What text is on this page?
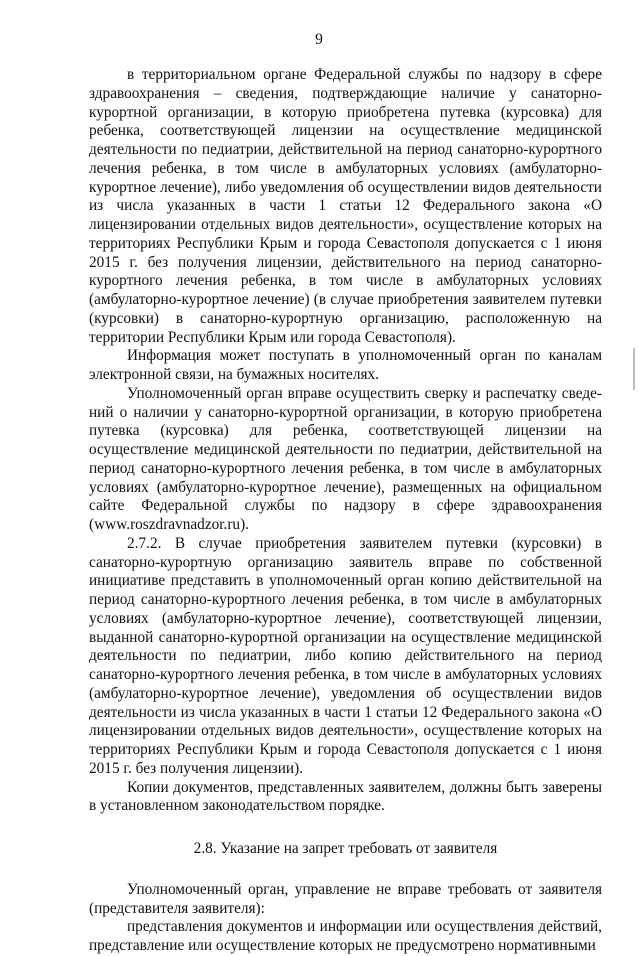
9

в территориальном органе Федеральной службы по надзору в сфере здравоохранения – сведения, подтверждающие наличие у санаторно-курортной организации, в которую приобретена путевка (курсовка) для ребенка, соответствующей лицензии на осуществление медицинской деятельности по педиатрии, действительной на период санаторно-курортного лечения ребенка, в том числе в амбулаторных условиях (амбулаторно-курортное лечение), либо уведомления об осуществлении видов деятельности из числа указанных в части 1 статьи 12 Федерального закона «О лицензировании отдельных видов деятельности», осуществление которых на территориях Республики Крым и города Севастополя допускается с 1 июня 2015 г. без получения лицензии, действительного на период санаторно-курортного лечения ребенка, в том числе в амбулаторных условиях (амбулаторно-курортное лечение) (в случае приобретения заявителем путевки (курсовки) в санаторно-курортную организацию, расположенную на территории Республики Крым или города Севастополя).

Информация может поступать в уполномоченный орган по каналам электронной связи, на бумажных носителях.

Уполномоченный орган вправе осуществить сверку и распечатку сведений о наличии у санаторно-курортной организации, в которую приобретена путевка (курсовка) для ребенка, соответствующей лицензии на осуществление медицинской деятельности по педиатрии, действительной на период санаторно-курортного лечения ребенка, в том числе в амбулаторных условиях (амбулаторно-курортное лечение), размещенных на официальном сайте Федеральной службы по надзору в сфере здравоохранения (www.roszdravnadzor.ru).

2.7.2. В случае приобретения заявителем путевки (курсовки) в санаторно-курортную организацию заявитель вправе по собственной инициативе представить в уполномоченный орган копию действительной на период санаторно-курортного лечения ребенка, в том числе в амбулаторных условиях (амбулаторно-курортное лечение), соответствующей лицензии, выданной санаторно-курортной организации на осуществление медицинской деятельности по педиатрии, либо копию действительного на период санаторно-курортного лечения ребенка, в том числе в амбулаторных условиях (амбулаторно-курортное лечение), уведомления об осуществлении видов деятельности из числа указанных в части 1 статьи 12 Федерального закона «О лицензировании отдельных видов деятельности», осуществление которых на территориях Республики Крым и города Севастополя допускается с 1 июня 2015 г. без получения лицензии).

Копии документов, представленных заявителем, должны быть заверены в установленном законодательством порядке.

2.8. Указание на запрет требовать от заявителя

Уполномоченный орган, управление не вправе требовать от заявителя (представителя заявителя):

представления документов и информации или осуществления действий, представление или осуществление которых не предусмотрено нормативными
